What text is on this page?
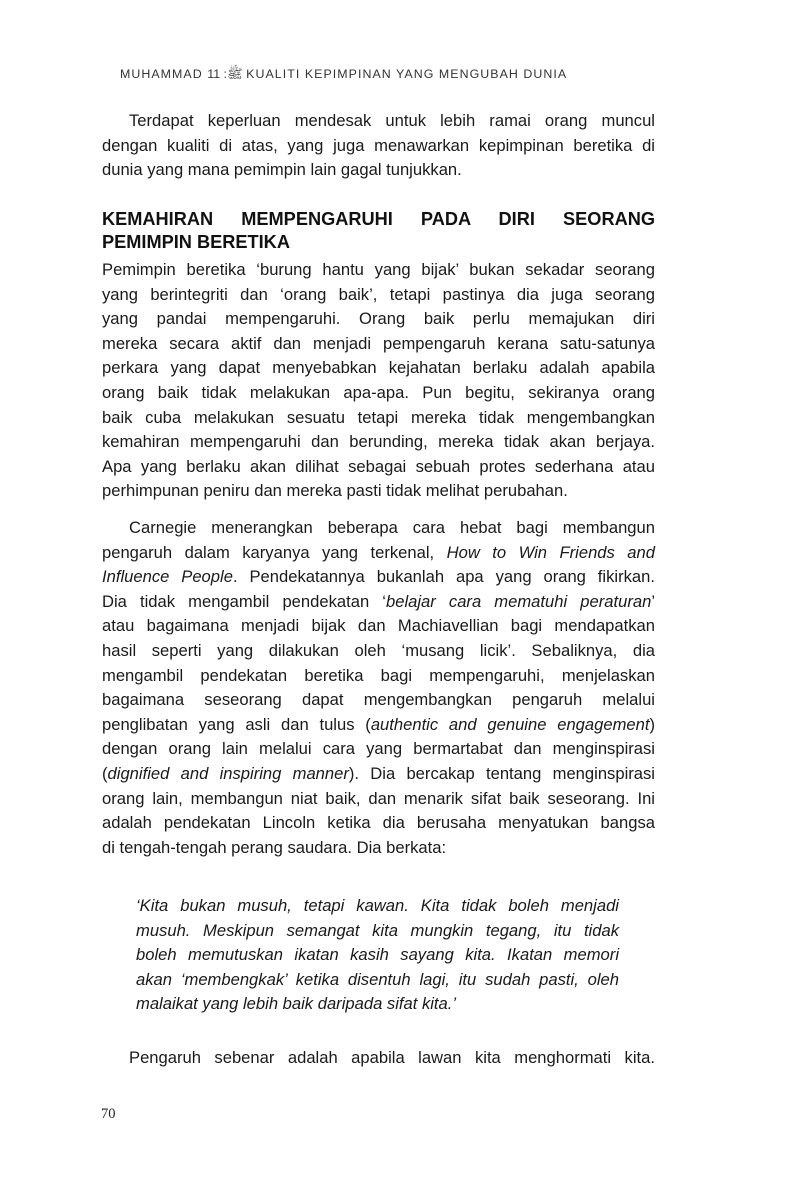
MUHAMMAD ﷺ: 11 KUALITI KEPIMPINAN YANG MENGUBAH DUNIA
Terdapat keperluan mendesak untuk lebih ramai orang muncul
dengan kualiti di atas, yang juga menawarkan kepimpinan beretika di
dunia yang mana pemimpin lain gagal tunjukkan.
KEMAHIRAN MEMPENGARUHI PADA DIRI SEORANG
PEMIMPIN BERETIKA
Pemimpin beretika ‘burung hantu yang bijak’ bukan sekadar seorang
yang berintegriti dan ‘orang baik’, tetapi pastinya dia juga seorang
yang pandai mempengaruhi. Orang baik perlu memajukan diri
mereka secara aktif dan menjadi pempengaruh kerana satu-satunya
perkara yang dapat menyebabkan kejahatan berlaku adalah apabila
orang baik tidak melakukan apa-apa. Pun begitu, sekiranya orang
baik cuba melakukan sesuatu tetapi mereka tidak mengembangkan
kemahiran mempengaruhi dan berunding, mereka tidak akan berjaya.
Apa yang berlaku akan dilihat sebagai sebuah protes sederhana atau
perhimpunan peniru dan mereka pasti tidak melihat perubahan.
Carnegie menerangkan beberapa cara hebat bagi membangun
pengaruh dalam karyanya yang terkenal, How to Win Friends and
Influence People. Pendekatannya bukanlah apa yang orang fikirkan.
Dia tidak mengambil pendekatan ‘belajar cara mematuhi peraturan’
atau bagaimana menjadi bijak dan Machiavellian bagi mendapatkan
hasil seperti yang dilakukan oleh ‘musang licik’. Sebaliknya, dia
mengambil pendekatan beretika bagi mempengaruhi, menjelaskan
bagaimana seseorang dapat mengembangkan pengaruh melalui
penglibatan yang asli dan tulus (authentic and genuine engagement)
dengan orang lain melalui cara yang bermartabat dan menginspirasi
(dignified and inspiring manner). Dia bercakap tentang menginspirasi
orang lain, membangun niat baik, dan menarik sifat baik seseorang. Ini
adalah pendekatan Lincoln ketika dia berusaha menyatukan bangsa
di tengah-tengah perang saudara. Dia berkata:
‘Kita bukan musuh, tetapi kawan. Kita tidak boleh menjadi
musuh. Meskipun semangat kita mungkin tegang, itu tidak
boleh memutuskan ikatan kasih sayang kita. Ikatan memori
akan ‘membengkak’ ketika disentuh lagi, itu sudah pasti, oleh
malaikat yang lebih baik daripada sifat kita.’
Pengaruh sebenar adalah apabila lawan kita menghormati kita.
70
